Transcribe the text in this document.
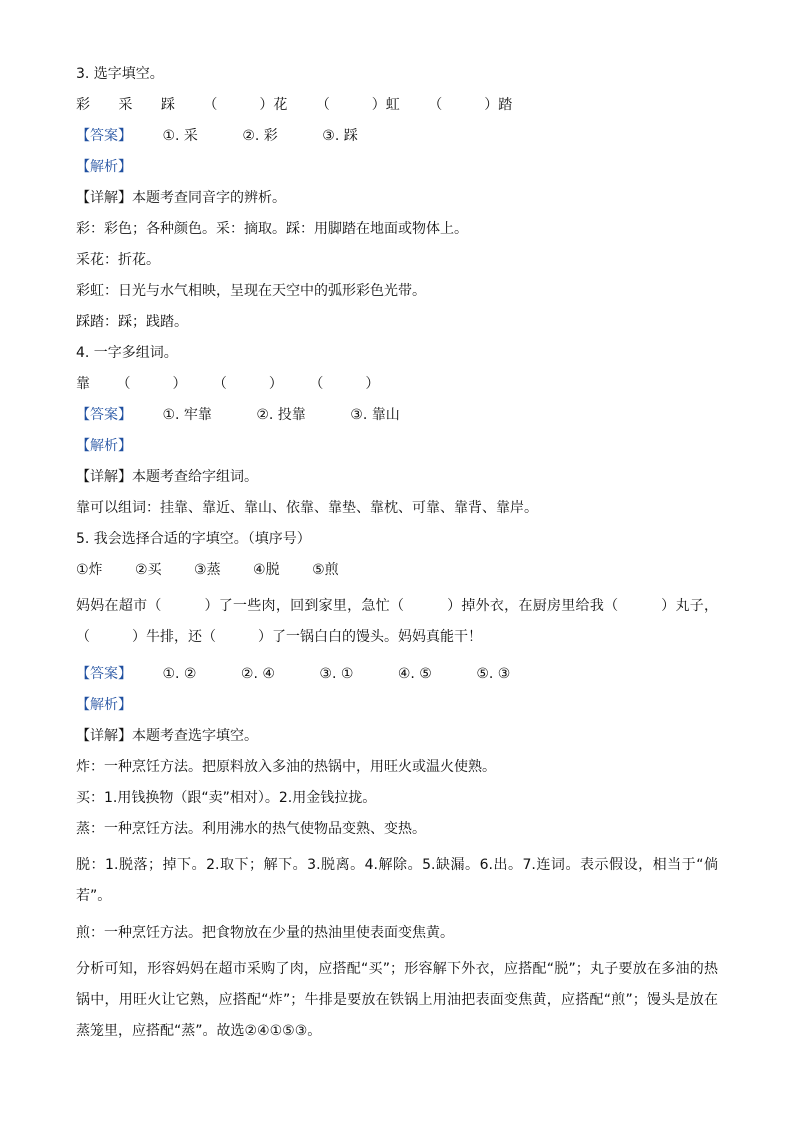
3. 选字填空。
彩 采 踩 （　　　）花 （　　　）虹 （　　　）踏
【答案】 ①. 采	②. 彩	③. 踩
【解析】
【详解】本题考查同音字的辨析。
彩：彩色；各种颜色。采：摘取。踩：用脚踏在地面或物体上。
采花：折花。
彩虹：日光与水气相映，呈现在天空中的弧形彩色光带。
踩踏：踩；践踏。
4. 一字多组词。
靠 （　　　） （　　　） （　　　）
【答案】 ①. 牢靠	②. 投靠	③. 靠山
【解析】
【详解】本题考查给字组词。
靠可以组词：挂靠、靠近、靠山、依靠、靠垫、靠枕、可靠、靠背、靠岸。
5. 我会选择合适的字填空。（填序号）
①炸 ②买 ③蒸 ④脱 ⑤煎
妈妈在超市（　　　）了一些肉，回到家里，急忙（　　　）掉外衣，在厨房里给我（　　　）丸子，（　　　）牛排，还（　　　）了一锅白白的馒头。妈妈真能干！
【答案】 ①. ②	②. ④	③. ①	④. ⑤	⑤. ③
【解析】
【详解】本题考查选字填空。
炸：一种烹饪方法。把原料放入多油的热锅中，用旺火或温火使熟。
买：1.用钱换物（跟“卖”相对）。2.用金钱拉拢。
蒸：一种烹饪方法。利用沸水的热气使物品变熟、变热。
脱：1.脱落；掉下。2.取下；解下。3.脱离。4.解除。5.缺漏。6.出。7.连词。表示假设，相当于“倘若”。
煎：一种烹饪方法。把食物放在少量的热油里使表面变焦黄。
分析可知，形容妈妈在超市采购了肉，应搭配“买”；形容解下外衣，应搭配“脱”；丸子要放在多油的热锅中，用旺火让它熟，应搭配“炸”；牛排是要放在铁锅上用油把表面变焦黄，应搭配“煎”；馒头是放在蒸笼里，应搭配“蒸”。故选②④①⑤③。
